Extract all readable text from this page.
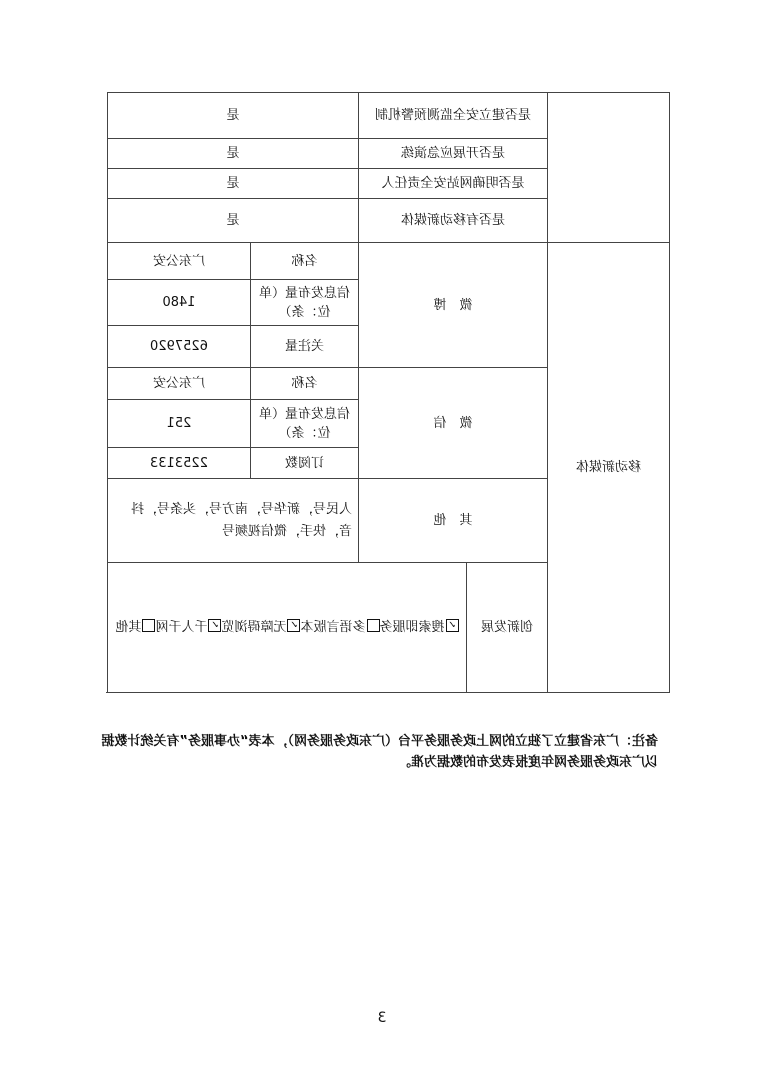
	是否建立安全监测预警机制		是	
	是否开展应急演练		是	
	是否明确网站安全责任人		是	
	是否有移动新媒体		是	
移动新媒体	微　博		名称	广东公安
			信息发布量（单位：条）	1480
			关注量	6257920
	微　信		名称	广东公安
			信息发布量（单位：条）	251
			订阅数	2253133
	其　他		人民号，新华号，南方号，头条号，抖音，快手，微信视频号	
	创新发展	✓搜索即服务多语言版本✓无障碍浏览✓千人千网其他
备注：广东省建立了独立的网上政务服务平台（广东政务服务网），本表“办事服务”有关统计数据以广东政务服务网年度报表发布的数据为准。
3
